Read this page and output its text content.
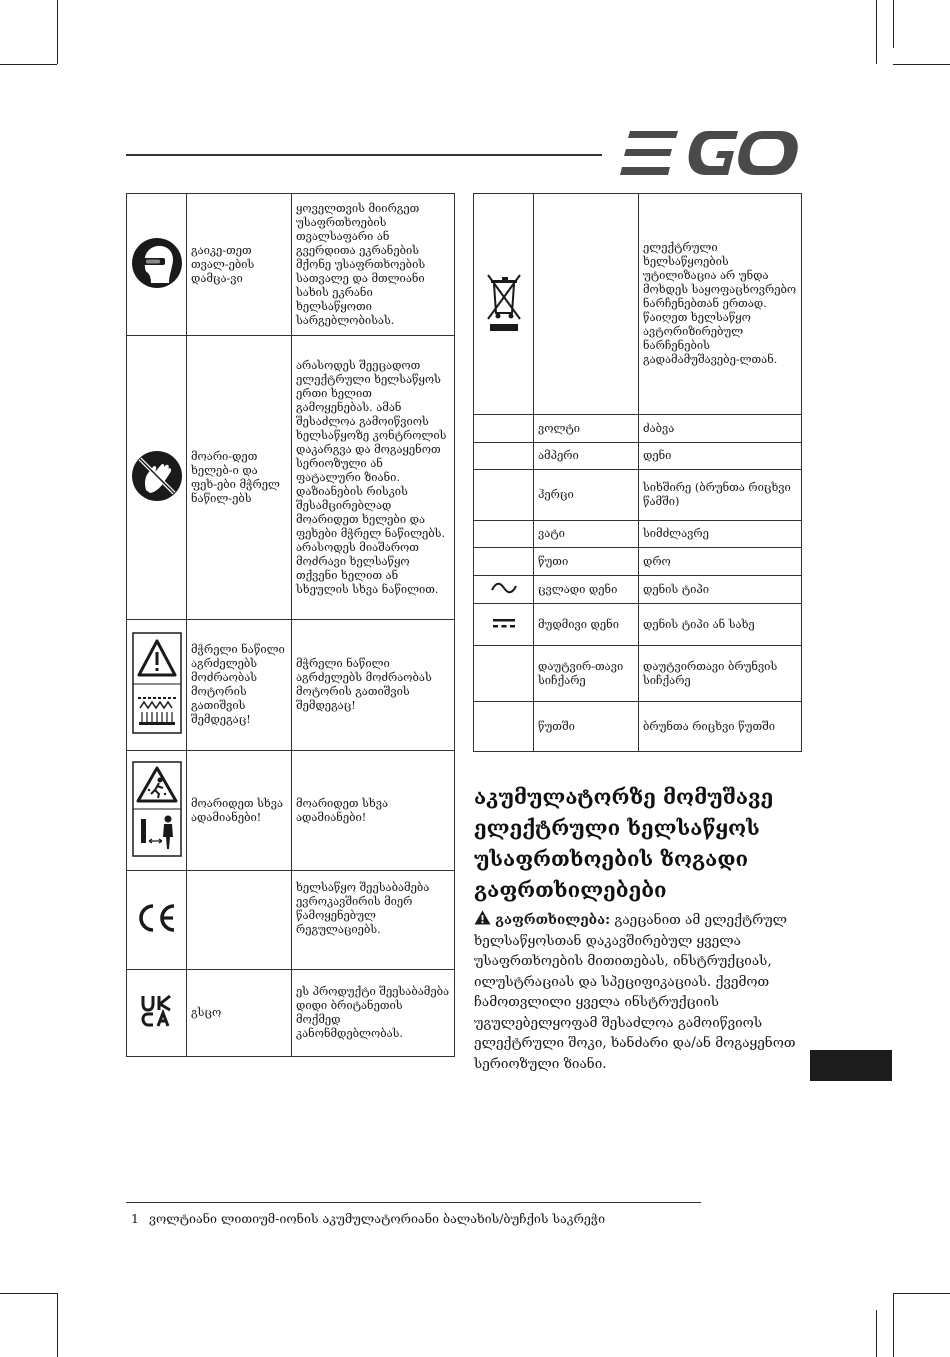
	გაიკე-თეთ თვალ-ების დამცა-ვი	ყოველთვის მიირგეთ უსაფრთხოების თვალსაფარი ან გვერდითა ეკრანების მქონე უსაფრთხოების სათვალე და მთლიანი სახის ეკრანი ხელსაწყოთი სარგებლობისას.
	მოარი-დეთ ხელებ-ი და ფეხ-ები მჭრელ ნაწილ-ებს	არასოდეს შეეცადოთ ელექტრული ხელსაწყოს ერთი ხელით გამოყენებას. ამან შესაძლოა გამოიწვიოს ხელსაწყოზე კონტროლის დაკარგვა და მოგაყენოთ სერიოზული ან ფატალური ზიანი. დაზიანების რისკის შესამცირებლად მოარიდეთ ხელები და ფეხები მჭრელ ნაწილებს. არასოდეს მიაშაროთ მოძრავი ხელსაწყო თქვენი ხელით ან სხეულის სხვა ნაწილით.
	მჭრელი ნაწილი აგრძელებს მოძრაობას მოტორის გათიშვის შემდეგაც!	მჭრელი ნაწილი აგრძელებს მოძრაობას მოტორის გათიშვის შემდეგაც!
	მოარიდეთ სხვა ადამიანები!	მოარიდეთ სხვა ადამიანები!
		ხელსაწყო შეესაბამება ევროკავშირის მიერ წამოყენებულ რეგულაციებს.
	გსცო	ეს პროდუქტი შეესაბამება დიდი ბრიტანეთის მოქმედ კანონმდებლობას.
		ელექტრული ხელსაწყოების უტილიზაცია არ უნდა მოხდეს საყოფაცხოვრებო ნარჩენებთან ერთად. წაიღეთ ხელსაწყო ავტორიზირებულ ნარჩენების გადამამუშავებე-ლთან.
	ვოლტი	ძაბვა
	ამპერი	დენი
	ჰერცი	სიხშირე (ბრუნთა რიცხვი წამში)
	ვატი	სიმძლავრე
	წუთი	დრო
	ცვლადი დენი	დენის ტიპი
	მუდმივი დენი	დენის ტიპი ან სახე
	დაუტვირ-თავი სიჩქარე	დაუტვირთავი ბრუნვის სიჩქარე
	წუთში	ბრუნთა რიცხვი წუთში
აკუმულატორზე მომუშავე ელექტრული ხელსაწყოს უსაფრთხოების ზოგადი გაფრთხილებები
გაფრთხილება: გაეცანით ამ ელექტრულ ხელსაწყოსთან დაკავშირებულ ყველა უსაფრთხოების მითითებას, ინსტრუქციას, ილუსტრაციას და სპეციფიკაციას. ქვემოთ ჩამოთვლილი ყველა ინსტრუქციის უგულებელყოფამ შესაძლოა გამოიწვიოს ელექტრული შოკი, ხანძარი და/ან მოგაყენოთ სერიოზული ზიანი.
1 ვოლტიანი ლითიუმ-იონის აკუმულატორიანი ბალახის/ბუჩქის საკრეჭი
